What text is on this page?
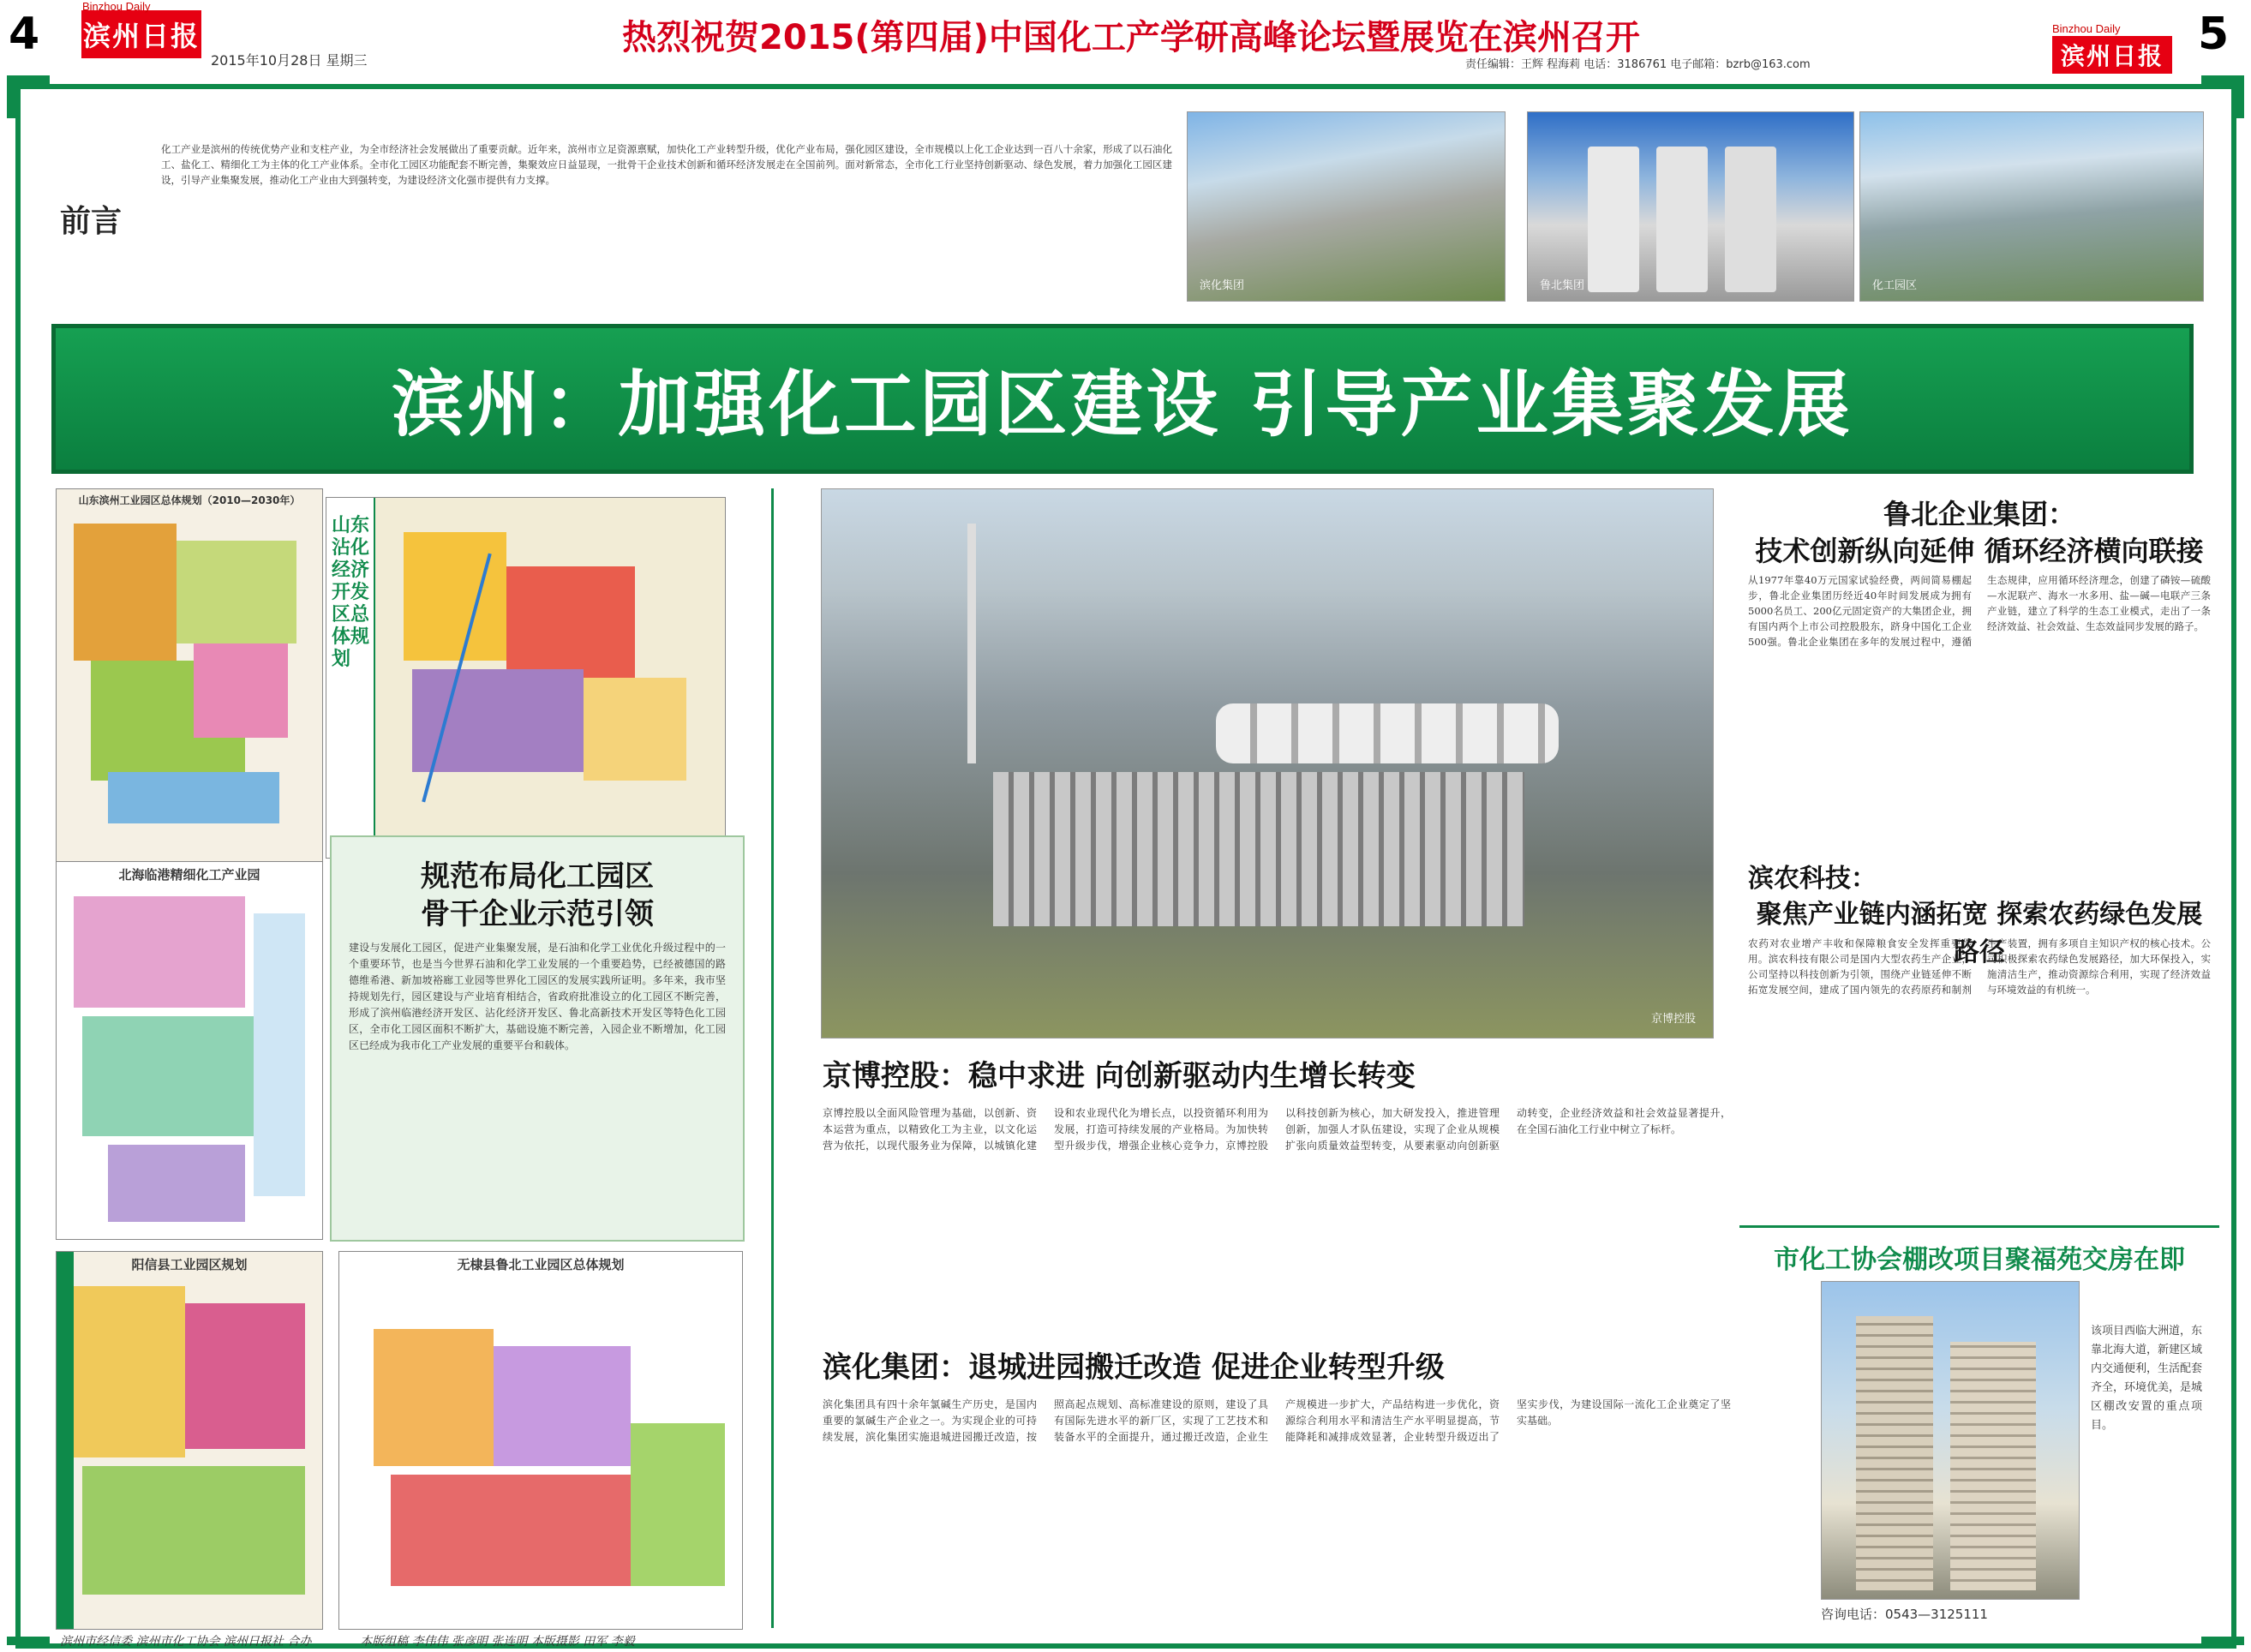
4 滨州日报
Binzhou Daily
2015年10月28日 星期三
热烈祝贺2015(第四届)中国化工产学研高峰论坛暨展览在滨州召开
责任编辑：王辉 程海莉 电话：3186761 电子邮箱：bzrb@163.com
Binzhou Daily
滨州日报 5
前言
化工产业是滨州的传统优势产业和支柱产业，为全市经济社会发展做出了重要贡献。近年来，滨州市立足资源禀赋，加快化工产业转型升级，优化产业布局，强化园区建设，全市规模以上化工企业达到一百八十余家，形成了以石油化工、盐化工、精细化工为主体的化工产业体系。全市化工园区功能配套不断完善，集聚效应日益显现，一批骨干企业技术创新和循环经济发展走在全国前列。面对新常态，全市化工行业坚持创新驱动、绿色发展，着力加强化工园区建设，引导产业集聚发展，推动化工产业由大到强转变，为建设经济文化强市提供有力支撑。
滨化集团	鲁北集团	化工园区
滨州：加强化工园区建设 引导产业集聚发展
山东滨州工业园区总体规划（2010—2030年）
山东沾化经济开发区总体规划
北海临港精细化工产业园
阳信县工业园区规划	无棣县鲁北工业园区总体规划
规范布局化工园区
骨干企业示范引领
建设与发展化工园区，促进产业集聚发展，是石油和化学工业优化升级过程中的一个重要环节，也是当今世界石油和化学工业发展的一个重要趋势，已经被德国的路德维希港、新加坡裕廊工业园等世界化工园区的发展实践所证明。多年来，我市坚持规划先行，园区建设与产业培育相结合，省政府批准设立的化工园区不断完善，形成了滨州临港经济开发区、沾化经济开发区、鲁北高新技术开发区等特色化工园区，全市化工园区面积不断扩大，基础设施不断完善，入园企业不断增加，化工园区已经成为我市化工产业发展的重要平台和载体。
京博控股
京博控股：稳中求进 向创新驱动内生增长转变
京博控股以全面风险管理为基础，以创新、资本运营为重点，以精致化工为主业，以文化运营为依托，以现代服务业为保障，以城镇化建设和农业现代化为增长点，以投资循环利用为发展，打造可持续发展的产业格局。为加快转型升级步伐，增强企业核心竞争力，京博控股以科技创新为核心，加大研发投入，推进管理创新，加强人才队伍建设，实现了企业从规模扩张向质量效益型转变，从要素驱动向创新驱动转变，企业经济效益和社会效益显著提升，在全国石油化工行业中树立了标杆。
滨化集团：退城进园搬迁改造 促进企业转型升级
滨化集团具有四十余年氯碱生产历史，是国内重要的氯碱生产企业之一。为实现企业的可持续发展，滨化集团实施退城进园搬迁改造，按照高起点规划、高标准建设的原则，建设了具有国际先进水平的新厂区，实现了工艺技术和装备水平的全面提升，通过搬迁改造，企业生产规模进一步扩大，产品结构进一步优化，资源综合利用水平和清洁生产水平明显提高，节能降耗和减排成效显著，企业转型升级迈出了坚实步伐，为建设国际一流化工企业奠定了坚实基础。
鲁北企业集团：
技术创新纵向延伸 循环经济横向联接
从1977年靠40万元国家试验经费，两间简易棚起步，鲁北企业集团历经近40年时间发展成为拥有5000名员工、200亿元固定资产的大集团企业，拥有国内两个上市公司控股股东，跻身中国化工企业500强。鲁北企业集团在多年的发展过程中，遵循生态规律，应用循环经济理念，创建了磷铵—硫酸—水泥联产、海水一水多用、盐—碱—电联产三条产业链，建立了科学的生态工业模式，走出了一条经济效益、社会效益、生态效益同步发展的路子。
滨农科技：
聚焦产业链内涵拓宽 探索农药绿色发展路径
农药对农业增产丰收和保障粮食安全发挥重要作用。滨农科技有限公司是国内大型农药生产企业，公司坚持以科技创新为引领，围绕产业链延伸不断拓宽发展空间，建成了国内领先的农药原药和制剂生产装置，拥有多项自主知识产权的核心技术。公司积极探索农药绿色发展路径，加大环保投入，实施清洁生产，推动资源综合利用，实现了经济效益与环境效益的有机统一。
市化工协会棚改项目聚福苑交房在即
该项目西临大洲道，东靠北海大道，新建区域内交通便利，生活配套齐全，环境优美，是城区棚改安置的重点项目。
咨询电话：0543—3125111
滨州市经信委 滨州市化工协会 滨州日报社 合办	本版组稿 李伟伟 张彦明 张连明 本版摄影 田军 李毅
